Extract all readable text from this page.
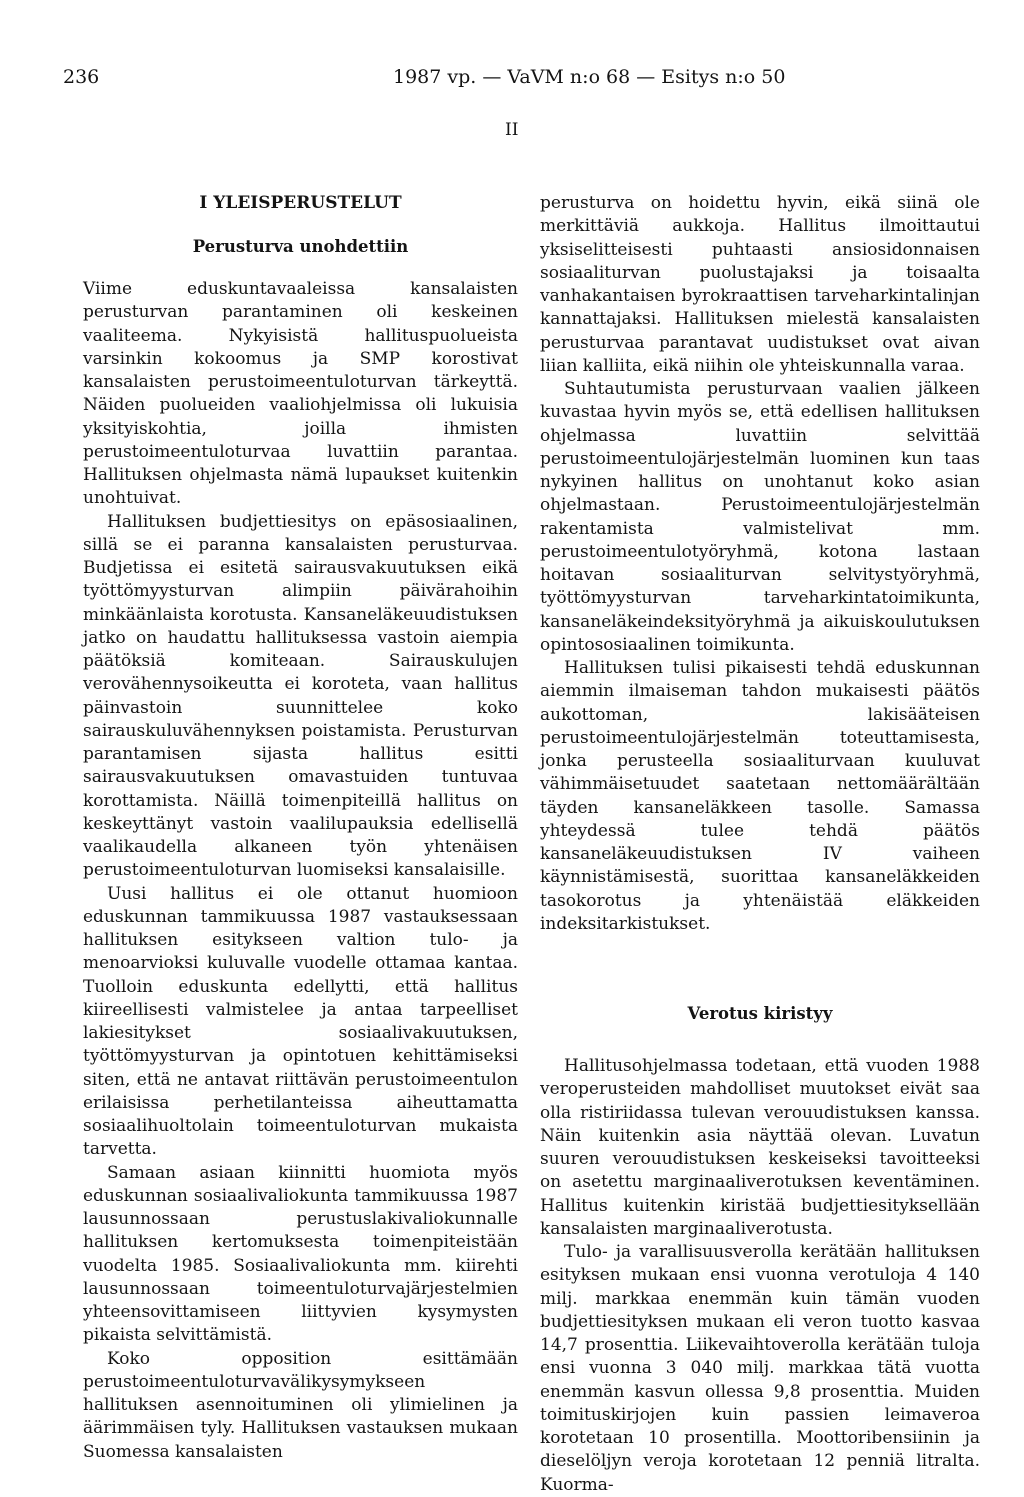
236	1987 vp. — VaVM n:o 68 — Esitys n:o 50
II
I YLEISPERUSTELUT
Perusturva unohdettiin

Viime eduskuntavaaleissa kansalaisten perusturvan parantaminen oli keskeinen vaaliteema. Nykyisistä hallituspuolueista varsinkin kokoomus ja SMP korostivat kansalaisten perustoimeentuloturvan tärkeyttä. Näiden puolueiden vaaliohjelmissa oli lukuisia yksityiskohtia, joilla ihmisten perustoimeentuloturvaa luvattiin parantaa. Hallituksen ohjelmasta nämä lupaukset kuitenkin unohtuivat.

Hallituksen budjettiesitys on epäsosiaalinen, sillä se ei paranna kansalaisten perusturvaa. Budjetissa ei esitetä sairausvakuutuksen eikä työttömyysturvan alimpiin päivärahoihin minkäänlaista korotusta. Kansaneläkeuudistuksen jatko on haudattu hallituksessa vastoin aiempia päätöksiä komiteaan. Sairauskulujen verovähennysoikeutta ei koroteta, vaan hallitus päinvastoin suunnittelee koko sairauskuluvähennyksen poistamista. Perusturvan parantamisen sijasta hallitus esitti sairausvakuutuksen omavastuiden tuntuvaa korottamista. Näillä toimenpiteillä hallitus on keskeyttänyt vastoin vaalilupauksia edellisellä vaalikaudella alkaneen työn yhtenäisen perustoimeentuloturvan luomiseksi kansalaisille.

Uusi hallitus ei ole ottanut huomioon eduskunnan tammikuussa 1987 vastauksessaan hallituksen esitykseen valtion tulo- ja menoarvioksi kuluvalle vuodelle ottamaa kantaa. Tuolloin eduskunta edellytti, että hallitus kiireellisesti valmistelee ja antaa tarpeelliset lakiesitykset sosiaalivakuutuksen, työttömyysturvan ja opintotuen kehittämiseksi siten, että ne antavat riittävän perustoimeentulon erilaisissa perhetilanteissa aiheuttamatta sosiaalihuoltolain toimeentuloturvan mukaista tarvetta.

Samaan asiaan kiinnitti huomiota myös eduskunnan sosiaalivaliokunta tammikuussa 1987 lausunnossaan perustuslakivaliokunnalle hallituksen kertomuksesta toimenpiteistään vuodelta 1985. Sosiaalivaliokunta mm. kiirehti lausunnossaan toimeentuloturvajärjestelmien yhteensovittamiseen liittyvien kysymysten pikaista selvittämistä.

Koko opposition esittämään perustoimeentuloturvavälikysymykseen hallituksen asennoituminen oli ylimielinen ja äärimmäisen tyly. Hallituksen vastauksen mukaan Suomessa kansalaisten

perusturva on hoidettu hyvin, eikä siinä ole merkittäviä aukkoja. Hallitus ilmoittautui yksiselitteisesti puhtaasti ansiosidonnaisen sosiaaliturvan puolustajaksi ja toisaalta vanhakantaisen byrokraattisen tarveharkintalinjan kannattajaksi. Hallituksen mielestä kansalaisten perusturvaa parantavat uudistukset ovat aivan liian kalliita, eikä niihin ole yhteiskunnalla varaa.

Suhtautumista perusturvaan vaalien jälkeen kuvastaa hyvin myös se, että edellisen hallituksen ohjelmassa luvattiin selvittää perustoimeentulojärjestelmän luominen kun taas nykyinen hallitus on unohtanut koko asian ohjelmastaan. Perustoimeentulojärjestelmän rakentamista valmistelivat mm. perustoimeentulotyöryhmä, kotona lastaan hoitavan sosiaaliturvan selvitystyöryhmä, työttömyysturvan tarveharkintatoimikunta, kansaneläkeindeksityöryhmä ja aikuiskoulutuksen opintososiaalinen toimikunta.

Hallituksen tulisi pikaisesti tehdä eduskunnan aiemmin ilmaiseman tahdon mukaisesti päätös aukottoman, lakisääteisen perustoimeentulojärjestelmän toteuttamisesta, jonka perusteella sosiaaliturvaan kuuluvat vähimmäisetuudet saatetaan nettomäärältään täyden kansaneläkkeen tasolle. Samassa yhteydessä tulee tehdä päätös kansaneläkeuudistuksen IV vaiheen käynnistämisestä, suorittaa kansaneläkkeiden tasokorotus ja yhtenäistää eläkkeiden indeksitarkistukset.

Verotus kiristyy

Hallitusohjelmassa todetaan, että vuoden 1988 veroperusteiden mahdolliset muutokset eivät saa olla ristiriidassa tulevan verouudistuksen kanssa. Näin kuitenkin asia näyttää olevan. Luvatun suuren verouudistuksen keskeiseksi tavoitteeksi on asetettu marginaaliverotuksen keventäminen. Hallitus kuitenkin kiristää budjettiesityksellään kansalaisten marginaaliverotusta.

Tulo- ja varallisuusverolla kerätään hallituksen esityksen mukaan ensi vuonna verotuloja 4 140 milj. markkaa enemmän kuin tämän vuoden budjettiesityksen mukaan eli veron tuotto kasvaa 14,7 prosenttia. Liikevaihtoverolla kerätään tuloja ensi vuonna 3 040 milj. markkaa tätä vuotta enemmän kasvun ollessa 9,8 prosenttia. Muiden toimituskirjojen kuin passien leimaveroa korotetaan 10 prosentilla. Moottoribensiinin ja dieselöljyn veroja korotetaan 12 penniä litralta. Kuorma-
